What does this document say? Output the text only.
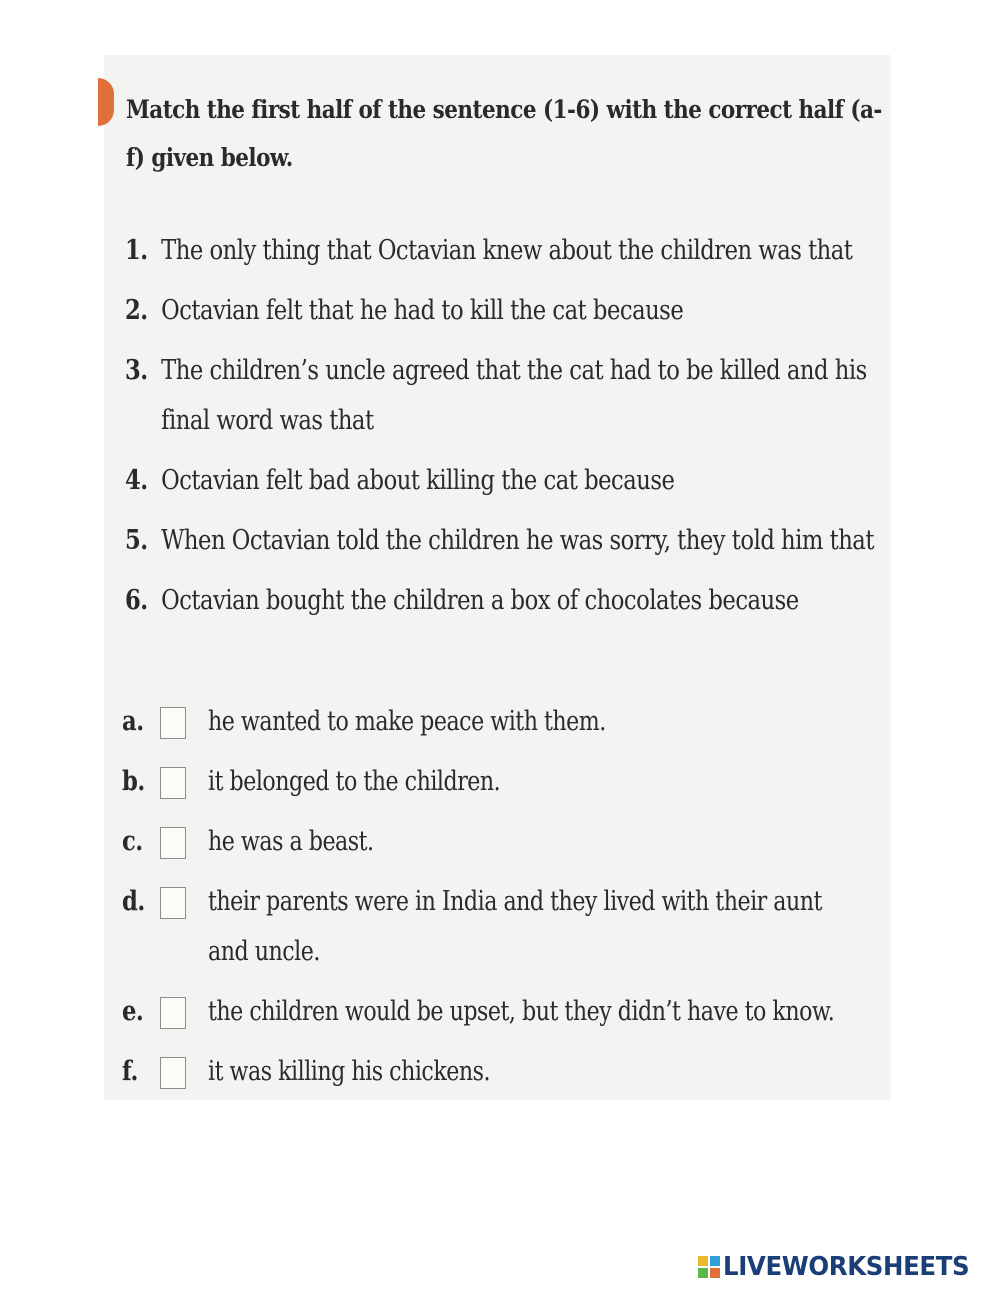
Match the first half of the sentence (1-6) with the correct half (a-f) given below.
1. The only thing that Octavian knew about the children was that
2. Octavian felt that he had to kill the cat because
3. The children’s uncle agreed that the cat had to be killed and his
final word was that
4. Octavian felt bad about killing the cat because
5. When Octavian told the children he was sorry, they told him that
6. Octavian bought the children a box of chocolates because
a. he wanted to make peace with them.
b. it belonged to the children.
c. he was a beast.
d. their parents were in India and they lived with their aunt
and uncle.
e. the children would be upset, but they didn’t have to know.
f.	it was killing his chickens.
LIVEWORKSHEETS
